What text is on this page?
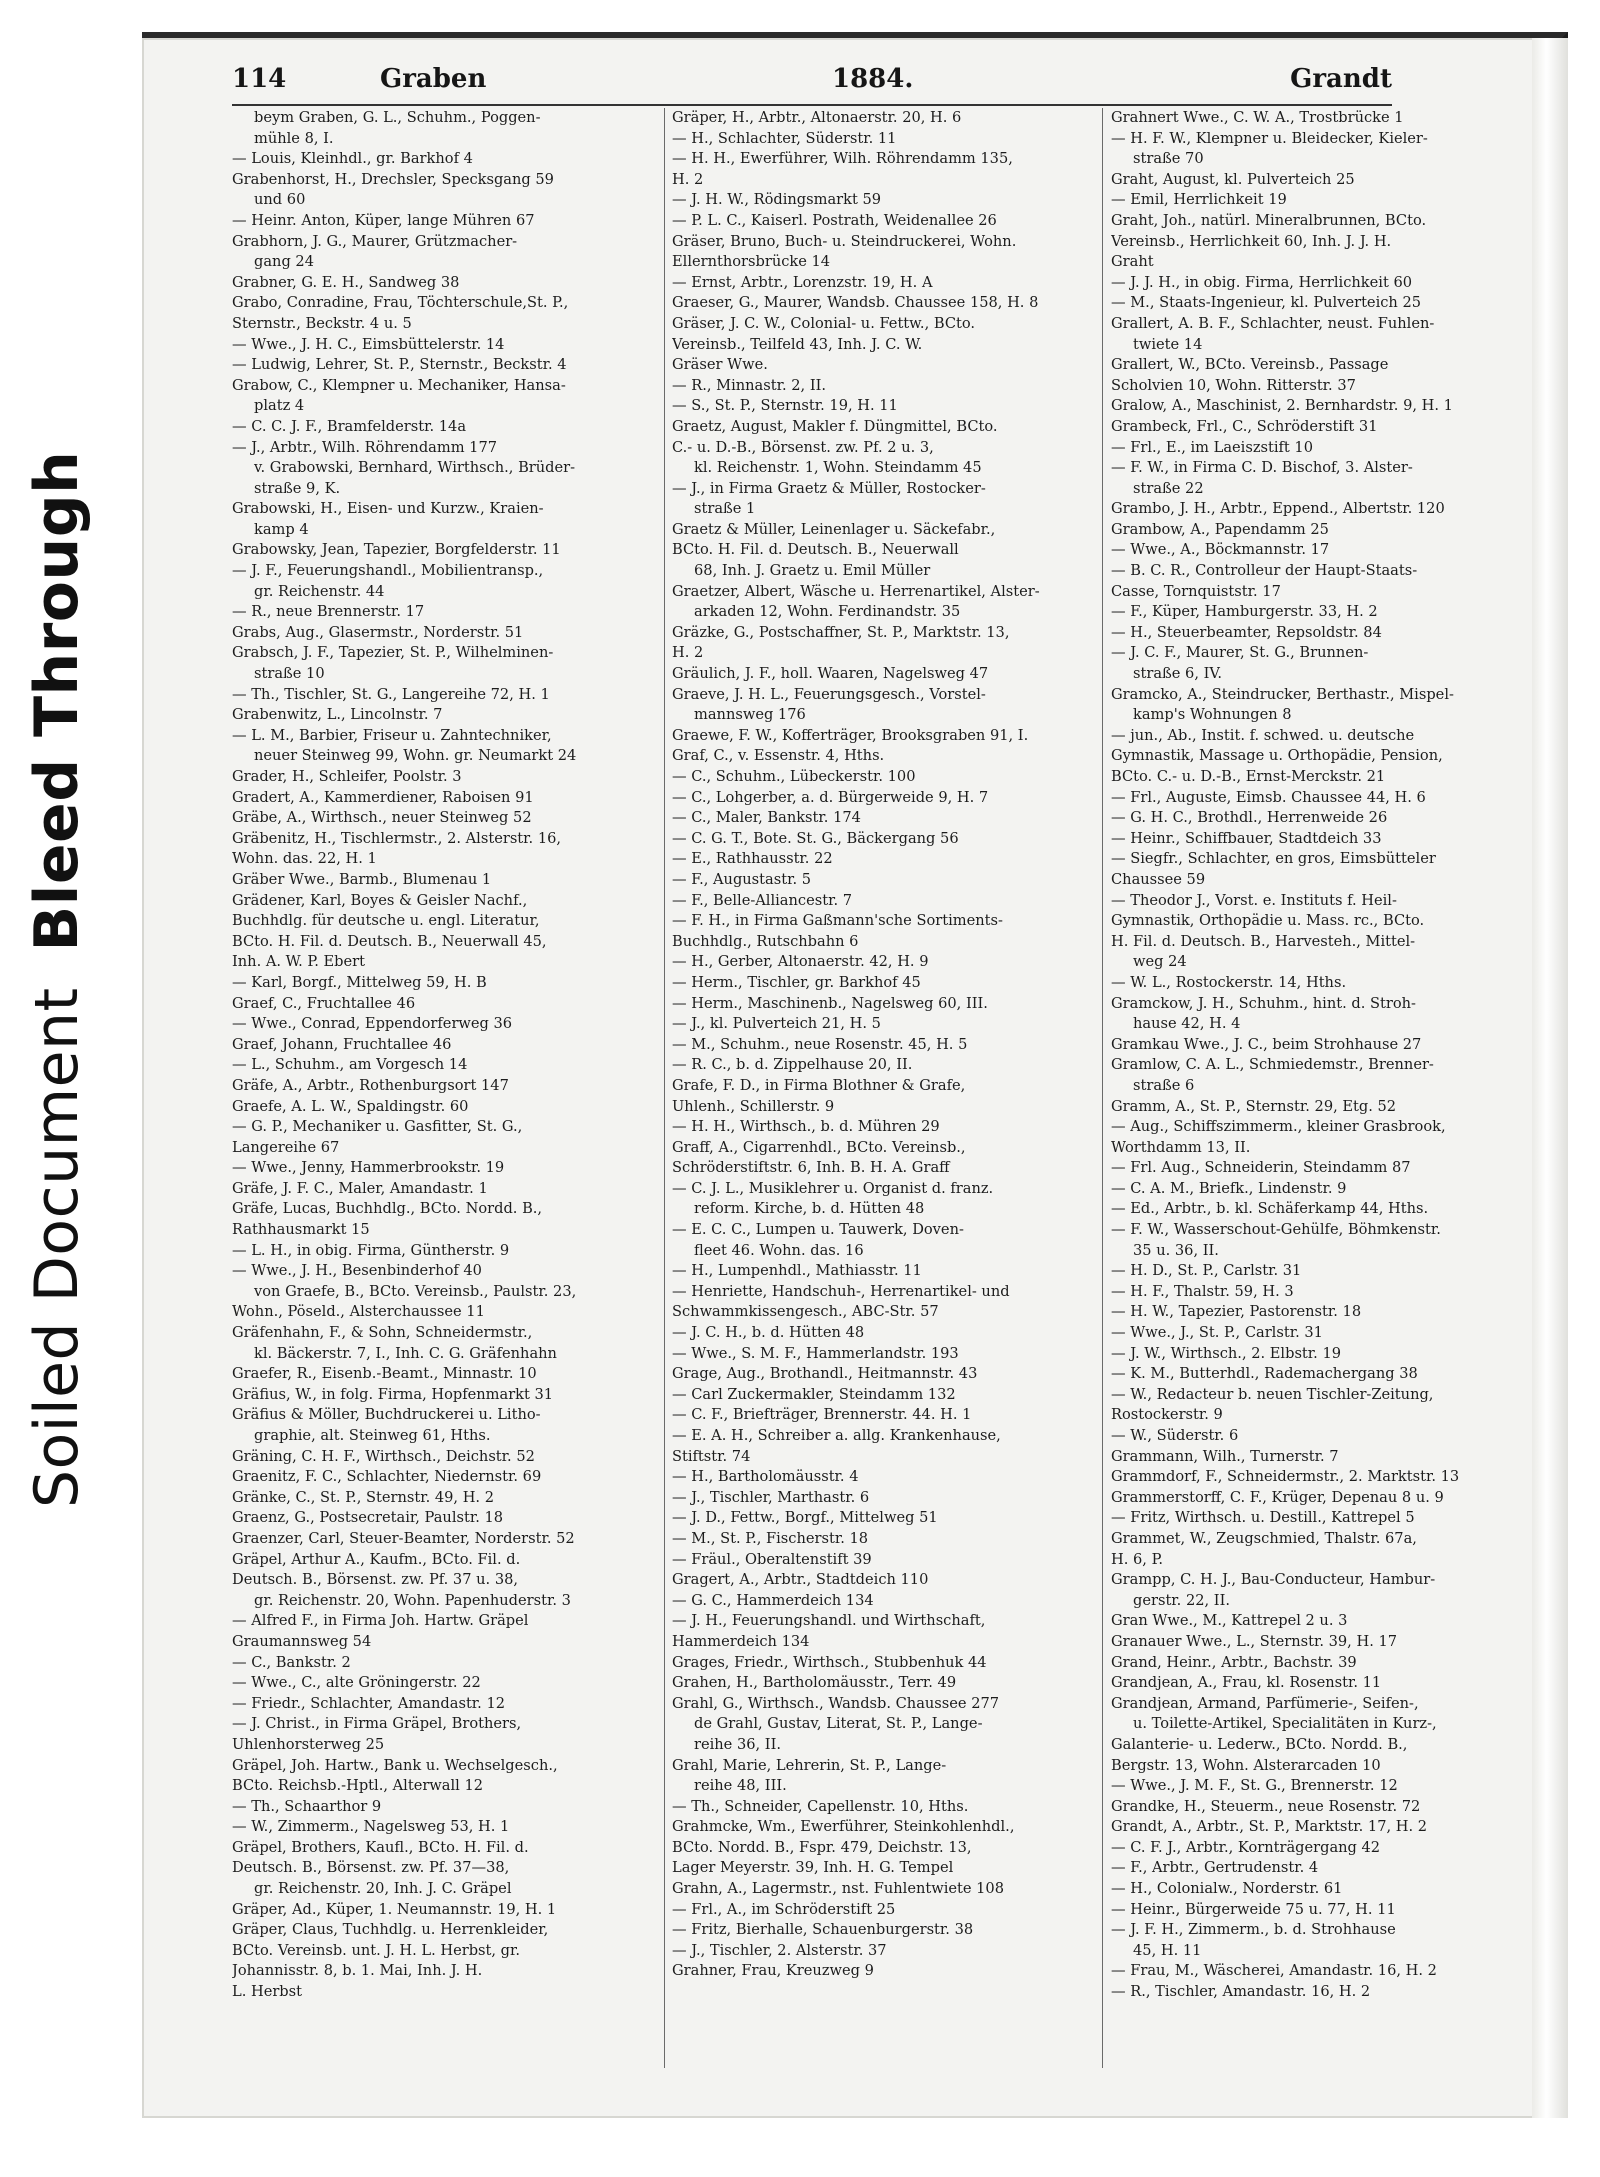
Soiled DocumentBleed Through
114	Graben	1884.	Grandt

beym Graben, G. L., Schuhm., Poggen-

mühle 8, I.

— Louis, Kleinhdl., gr. Barkhof 4

Grabenhorst, H., Drechsler, Specksgang 59

und 60

— Heinr. Anton, Küper, lange Mühren 67

Grabhorn, J. G., Maurer, Grützmacher-

gang 24

Grabner, G. E. H., Sandweg 38

Grabo, Conradine, Frau, Töchterschule,St. P.,

Sternstr., Beckstr. 4 u. 5

— Wwe., J. H. C., Eimsbüttelerstr. 14

— Ludwig, Lehrer, St. P., Sternstr., Beckstr. 4

Grabow, C., Klempner u. Mechaniker, Hansa-

platz 4

— C. C. J. F., Bramfelderstr. 14a

— J., Arbtr., Wilh. Röhrendamm 177

v. Grabowski, Bernhard, Wirthsch., Brüder-

straße 9, K.

Grabowski, H., Eisen- und Kurzw., Kraien-

kamp 4

Grabowsky, Jean, Tapezier, Borgfelderstr. 11

— J. F., Feuerungshandl., Mobilientransp.,

gr. Reichenstr. 44

— R., neue Brennerstr. 17

Grabs, Aug., Glasermstr., Norderstr. 51

Grabsch, J. F., Tapezier, St. P., Wilhelminen-

straße 10

— Th., Tischler, St. G., Langereihe 72, H. 1

Grabenwitz, L., Lincolnstr. 7

— L. M., Barbier, Friseur u. Zahntechniker,

neuer Steinweg 99, Wohn. gr. Neumarkt 24

Grader, H., Schleifer, Poolstr. 3

Gradert, A., Kammerdiener, Raboisen 91

Gräbe, A., Wirthsch., neuer Steinweg 52

Gräbenitz, H., Tischlermstr., 2. Alsterstr. 16,

Wohn. das. 22, H. 1

Gräber Wwe., Barmb., Blumenau 1

Grädener, Karl, Boyes & Geisler Nachf.,

Buchhdlg. für deutsche u. engl. Literatur,

BCto. H. Fil. d. Deutsch. B., Neuerwall 45,

Inh. A. W. P. Ebert

— Karl, Borgf., Mittelweg 59, H. B

Graef, C., Fruchtallee 46

— Wwe., Conrad, Eppendorferweg 36

Graef, Johann, Fruchtallee 46

— L., Schuhm., am Vorgesch 14

Gräfe, A., Arbtr., Rothenburgsort 147

Graefe, A. L. W., Spaldingstr. 60

— G. P., Mechaniker u. Gasfitter, St. G.,

Langereihe 67

— Wwe., Jenny, Hammerbrookstr. 19

Gräfe, J. F. C., Maler, Amandastr. 1

Gräfe, Lucas, Buchhdlg., BCto. Nordd. B.,

Rathhausmarkt 15

— L. H., in obig. Firma, Güntherstr. 9

— Wwe., J. H., Besenbinderhof 40

von Graefe, B., BCto. Vereinsb., Paulstr. 23,

Wohn., Pöseld., Alsterchaussee 11

Gräfenhahn, F., & Sohn, Schneidermstr.,

kl. Bäckerstr. 7, I., Inh. C. G. Gräfenhahn

Graefer, R., Eisenb.-Beamt., Minnastr. 10

Gräfius, W., in folg. Firma, Hopfenmarkt 31

Gräfius & Möller, Buchdruckerei u. Litho-

graphie, alt. Steinweg 61, Hths.

Gräning, C. H. F., Wirthsch., Deichstr. 52

Graenitz, F. C., Schlachter, Niedernstr. 69

Gränke, C., St. P., Sternstr. 49, H. 2

Graenz, G., Postsecretair, Paulstr. 18

Graenzer, Carl, Steuer-Beamter, Norderstr. 52

Gräpel, Arthur A., Kaufm., BCto. Fil. d.

Deutsch. B., Börsenst. zw. Pf. 37 u. 38,

gr. Reichenstr. 20, Wohn. Papenhuderstr. 3

— Alfred F., in Firma Joh. Hartw. Gräpel

Graumannsweg 54

— C., Bankstr. 2

— Wwe., C., alte Gröningerstr. 22

— Friedr., Schlachter, Amandastr. 12

— J. Christ., in Firma Gräpel, Brothers,

Uhlenhorsterweg 25

Gräpel, Joh. Hartw., Bank u. Wechselgesch.,

BCto. Reichsb.-Hptl., Alterwall 12

— Th., Schaarthor 9

— W., Zimmerm., Nagelsweg 53, H. 1

Gräpel, Brothers, Kaufl., BCto. H. Fil. d.

Deutsch. B., Börsenst. zw. Pf. 37—38,

gr. Reichenstr. 20, Inh. J. C. Gräpel

Gräper, Ad., Küper, 1. Neumannstr. 19, H. 1

Gräper, Claus, Tuchhdlg. u. Herrenkleider,

BCto. Vereinsb. unt. J. H. L. Herbst, gr.

Johannisstr. 8, b. 1. Mai, Inh. J. H.

L. Herbst

Gräper, H., Arbtr., Altonaerstr. 20, H. 6

— H., Schlachter, Süderstr. 11

— H. H., Ewerführer, Wilh. Röhrendamm 135,

H. 2

— J. H. W., Rödingsmarkt 59

— P. L. C., Kaiserl. Postrath, Weidenallee 26

Gräser, Bruno, Buch- u. Steindruckerei, Wohn.

Ellernthorsbrücke 14

— Ernst, Arbtr., Lorenzstr. 19, H. A

Graeser, G., Maurer, Wandsb. Chaussee 158, H. 8

Gräser, J. C. W., Colonial- u. Fettw., BCto.

Vereinsb., Teilfeld 43, Inh. J. C. W.

Gräser Wwe.

— R., Minnastr. 2, II.

— S., St. P., Sternstr. 19, H. 11

Graetz, August, Makler f. Düngmittel, BCto.

C.- u. D.-B., Börsenst. zw. Pf. 2 u. 3,

kl. Reichenstr. 1, Wohn. Steindamm 45

— J., in Firma Graetz & Müller, Rostocker-

straße 1

Graetz & Müller, Leinenlager u. Säckefabr.,

BCto. H. Fil. d. Deutsch. B., Neuerwall

68, Inh. J. Graetz u. Emil Müller

Graetzer, Albert, Wäsche u. Herrenartikel, Alster-

arkaden 12, Wohn. Ferdinandstr. 35

Gräzke, G., Postschaffner, St. P., Marktstr. 13,

H. 2

Gräulich, J. F., holl. Waaren, Nagelsweg 47

Graeve, J. H. L., Feuerungsgesch., Vorstel-

mannsweg 176

Graewe, F. W., Kofferträger, Brooksgraben 91, I.

Graf, C., v. Essenstr. 4, Hths.

— C., Schuhm., Lübeckerstr. 100

— C., Lohgerber, a. d. Bürgerweide 9, H. 7

— C., Maler, Bankstr. 174

— C. G. T., Bote. St. G., Bäckergang 56

— E., Rathhausstr. 22

— F., Augustastr. 5

— F., Belle-Alliancestr. 7

— F. H., in Firma Gaßmann'sche Sortiments-

Buchhdlg., Rutschbahn 6

— H., Gerber, Altonaerstr. 42, H. 9

— Herm., Tischler, gr. Barkhof 45

— Herm., Maschinenb., Nagelsweg 60, III.

— J., kl. Pulverteich 21, H. 5

— M., Schuhm., neue Rosenstr. 45, H. 5

— R. C., b. d. Zippelhause 20, II.

Grafe, F. D., in Firma Blothner & Grafe,

Uhlenh., Schillerstr. 9

— H. H., Wirthsch., b. d. Mühren 29

Graff, A., Cigarrenhdl., BCto. Vereinsb.,

Schröderstiftstr. 6, Inh. B. H. A. Graff

— C. J. L., Musiklehrer u. Organist d. franz.

reform. Kirche, b. d. Hütten 48

— E. C. C., Lumpen u. Tauwerk, Doven-

fleet 46. Wohn. das. 16

— H., Lumpenhdl., Mathiasstr. 11

— Henriette, Handschuh-, Herrenartikel- und

Schwammkissengesch., ABC-Str. 57

— J. C. H., b. d. Hütten 48

— Wwe., S. M. F., Hammerlandstr. 193

Grage, Aug., Brothandl., Heitmannstr. 43

— Carl Zuckermakler, Steindamm 132

— C. F., Briefträger, Brennerstr. 44. H. 1

— E. A. H., Schreiber a. allg. Krankenhause,

Stiftstr. 74

— H., Bartholomäusstr. 4

— J., Tischler, Marthastr. 6

— J. D., Fettw., Borgf., Mittelweg 51

— M., St. P., Fischerstr. 18

— Fräul., Oberaltenstift 39

Gragert, A., Arbtr., Stadtdeich 110

— G. C., Hammerdeich 134

— J. H., Feuerungshandl. und Wirthschaft,

Hammerdeich 134

Grages, Friedr., Wirthsch., Stubbenhuk 44

Grahen, H., Bartholomäusstr., Terr. 49

Grahl, G., Wirthsch., Wandsb. Chaussee 277

de Grahl, Gustav, Literat, St. P., Lange-

reihe 36, II.

Grahl, Marie, Lehrerin, St. P., Lange-

reihe 48, III.

— Th., Schneider, Capellenstr. 10, Hths.

Grahmcke, Wm., Ewerführer, Steinkohlenhdl.,

BCto. Nordd. B., Fspr. 479, Deichstr. 13,

Lager Meyerstr. 39, Inh. H. G. Tempel

Grahn, A., Lagermstr., nst. Fuhlentwiete 108

— Frl., A., im Schröderstift 25

— Fritz, Bierhalle, Schauenburgerstr. 38

— J., Tischler, 2. Alsterstr. 37

Grahner, Frau, Kreuzweg 9

Grahnert Wwe., C. W. A., Trostbrücke 1

— H. F. W., Klempner u. Bleidecker, Kieler-

straße 70

Graht, August, kl. Pulverteich 25

— Emil, Herrlichkeit 19

Graht, Joh., natürl. Mineralbrunnen, BCto.

Vereinsb., Herrlichkeit 60, Inh. J. J. H.

Graht

— J. J. H., in obig. Firma, Herrlichkeit 60

— M., Staats-Ingenieur, kl. Pulverteich 25

Grallert, A. B. F., Schlachter, neust. Fuhlen-

twiete 14

Grallert, W., BCto. Vereinsb., Passage

Scholvien 10, Wohn. Ritterstr. 37

Gralow, A., Maschinist, 2. Bernhardstr. 9, H. 1

Grambeck, Frl., C., Schröderstift 31

— Frl., E., im Laeiszstift 10

— F. W., in Firma C. D. Bischof, 3. Alster-

straße 22

Grambo, J. H., Arbtr., Eppend., Albertstr. 120

Grambow, A., Papendamm 25

— Wwe., A., Böckmannstr. 17

— B. C. R., Controlleur der Haupt-Staats-

Casse, Tornquiststr. 17

— F., Küper, Hamburgerstr. 33, H. 2

— H., Steuerbeamter, Repsoldstr. 84

— J. C. F., Maurer, St. G., Brunnen-

straße 6, IV.

Gramcko, A., Steindrucker, Berthastr., Mispel-

kamp's Wohnungen 8

— jun., Ab., Instit. f. schwed. u. deutsche

Gymnastik, Massage u. Orthopädie, Pension,

BCto. C.- u. D.-B., Ernst-Merckstr. 21

— Frl., Auguste, Eimsb. Chaussee 44, H. 6

— G. H. C., Brothdl., Herrenweide 26

— Heinr., Schiffbauer, Stadtdeich 33

— Siegfr., Schlachter, en gros, Eimsbütteler

Chaussee 59

— Theodor J., Vorst. e. Instituts f. Heil-

Gymnastik, Orthopädie u. Mass. rc., BCto.

H. Fil. d. Deutsch. B., Harvesteh., Mittel-

weg 24

— W. L., Rostockerstr. 14, Hths.

Gramckow, J. H., Schuhm., hint. d. Stroh-

hause 42, H. 4

Gramkau Wwe., J. C., beim Strohhause 27

Gramlow, C. A. L., Schmiedemstr., Brenner-

straße 6

Gramm, A., St. P., Sternstr. 29, Etg. 52

— Aug., Schiffszimmerm., kleiner Grasbrook,

Worthdamm 13, II.

— Frl. Aug., Schneiderin, Steindamm 87

— C. A. M., Briefk., Lindenstr. 9

— Ed., Arbtr., b. kl. Schäferkamp 44, Hths.

— F. W., Wasserschout-Gehülfe, Böhmkenstr.

35 u. 36, II.

— H. D., St. P., Carlstr. 31

— H. F., Thalstr. 59, H. 3

— H. W., Tapezier, Pastorenstr. 18

— Wwe., J., St. P., Carlstr. 31

— J. W., Wirthsch., 2. Elbstr. 19

— K. M., Butterhdl., Rademachergang 38

— W., Redacteur b. neuen Tischler-Zeitung,

Rostockerstr. 9

— W., Süderstr. 6

Grammann, Wilh., Turnerstr. 7

Grammdorf, F., Schneidermstr., 2. Marktstr. 13

Grammerstorff, C. F., Krüger, Depenau 8 u. 9

— Fritz, Wirthsch. u. Destill., Kattrepel 5

Grammet, W., Zeugschmied, Thalstr. 67a,

H. 6, P.

Grampp, C. H. J., Bau-Conducteur, Hambur-

gerstr. 22, II.

Gran Wwe., M., Kattrepel 2 u. 3

Granauer Wwe., L., Sternstr. 39, H. 17

Grand, Heinr., Arbtr., Bachstr. 39

Grandjean, A., Frau, kl. Rosenstr. 11

Grandjean, Armand, Parfümerie-, Seifen-,

u. Toilette-Artikel, Specialitäten in Kurz-,

Galanterie- u. Lederw., BCto. Nordd. B.,

Bergstr. 13, Wohn. Alsterarcaden 10

— Wwe., J. M. F., St. G., Brennerstr. 12

Grandke, H., Steuerm., neue Rosenstr. 72

Grandt, A., Arbtr., St. P., Marktstr. 17, H. 2

— C. F. J., Arbtr., Kornträgergang 42

— F., Arbtr., Gertrudenstr. 4

— H., Colonialw., Norderstr. 61

— Heinr., Bürgerweide 75 u. 77, H. 11

— J. F. H., Zimmerm., b. d. Strohhause

45, H. 11

— Frau, M., Wäscherei, Amandastr. 16, H. 2

— R., Tischler, Amandastr. 16, H. 2
